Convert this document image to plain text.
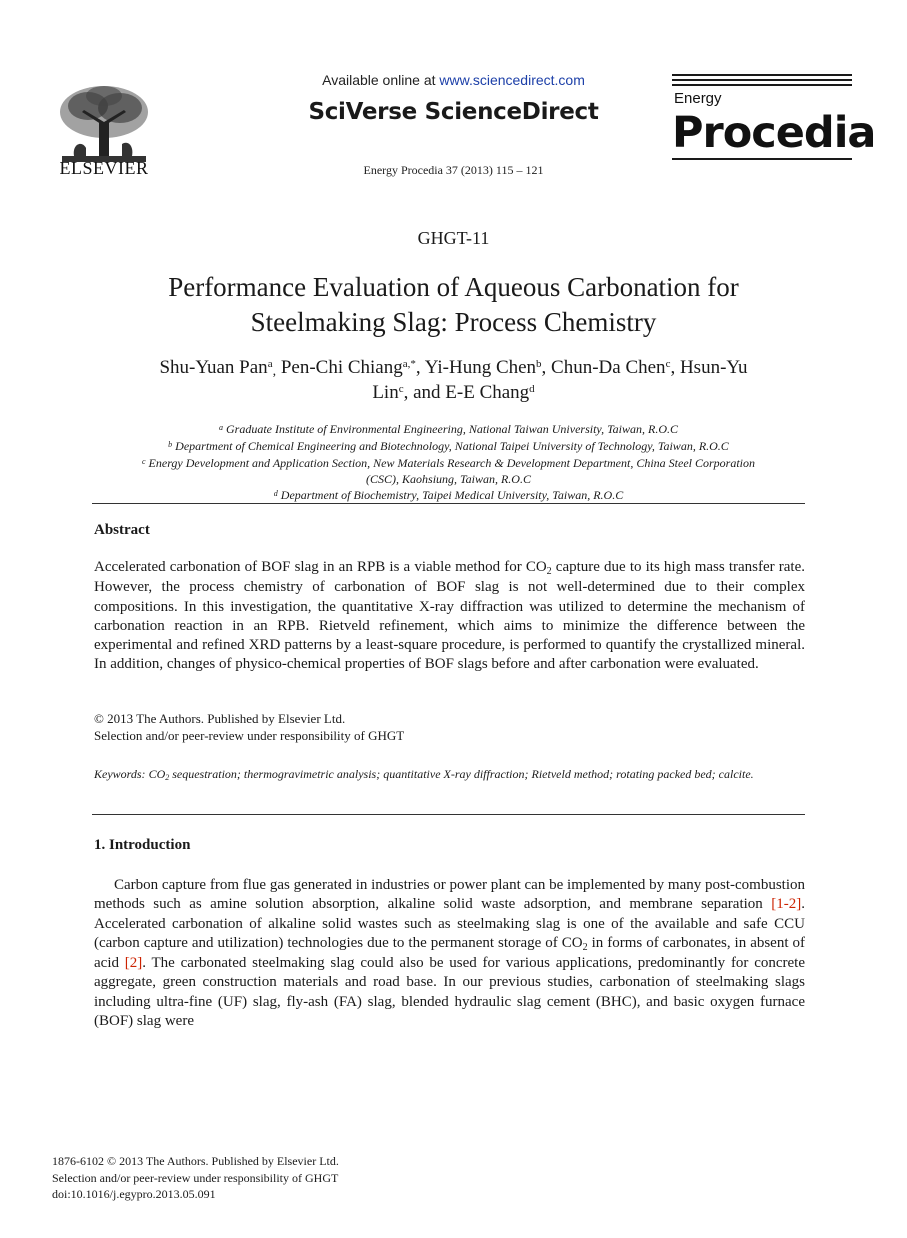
ELSEVIER
Available online at www.sciencedirect.com
SciVerse ScienceDirect
Energy Procedia 37 (2013) 115 – 121
Energy
Procedia
GHGT-11
Performance Evaluation of Aqueous Carbonation for
Steelmaking Slag: Process Chemistry
Shu-Yuan Pan$^a_,$ Pen-Chi Chiang$^{a,*}$, Yi-Hung Chen$^b$, Chun-Da Chen$^c$, Hsun-Yu
Lin$^c$, and E-E Chang$^d$
$^a$ Graduate Institute of Environmental Engineering, National Taiwan University, Taiwan, R.O.C
$^b$ Department of Chemical Engineering and Biotechnology, National Taipei University of Technology, Taiwan, R.O.C
$^c$ Energy Development and Application Section, New Materials Research & Development Department, China Steel Corporation
(CSC), Kaohsiung, Taiwan, R.O.C
$^d$ Department of Biochemistry, Taipei Medical University, Taiwan, R.O.C
Abstract
Accelerated carbonation of BOF slag in an RPB is a viable method for $CO_2$ capture due to its high mass transfer rate. However, the process chemistry of carbonation of BOF slag is not well-determined due to their complex compositions. In this investigation, the quantitative X-ray diffraction was utilized to determine the mechanism of carbonation reaction in an RPB. Rietveld refinement, which aims to minimize the difference between the experimental and refined XRD patterns by a least-square procedure, is performed to quantify the crystallized mineral. In addition, changes of physico-chemical properties of BOF slags before and after carbonation were evaluated.
© 2013 The Authors. Published by Elsevier Ltd.
Selection and/or peer-review under responsibility of GHGT
Keywords: $CO_2$ sequestration; thermogravimetric analysis; quantitative X-ray diffraction; Rietveld method; rotating packed bed; calcite.
1. Introduction
Carbon capture from flue gas generated in industries or power plant can be implemented by many post-combustion methods such as amine solution absorption, alkaline solid waste adsorption, and membrane separation [1-2]. Accelerated carbonation of alkaline solid wastes such as steelmaking slag is one of the available and safe CCU (carbon capture and utilization) technologies due to the permanent storage of $CO_2$ in forms of carbonates, in absent of acid [2]. The carbonated steelmaking slag could also be used for various applications, predominantly for concrete aggregate, green construction materials and road base. In our previous studies, carbonation of steelmaking slags including ultra-fine (UF) slag, fly-ash (FA) slag, blended hydraulic slag cement (BHC), and basic oxygen furnace (BOF) slag were
1876-6102 © 2013 The Authors. Published by Elsevier Ltd.
Selection and/or peer-review under responsibility of GHGT
doi:10.1016/j.egypro.2013.05.091
